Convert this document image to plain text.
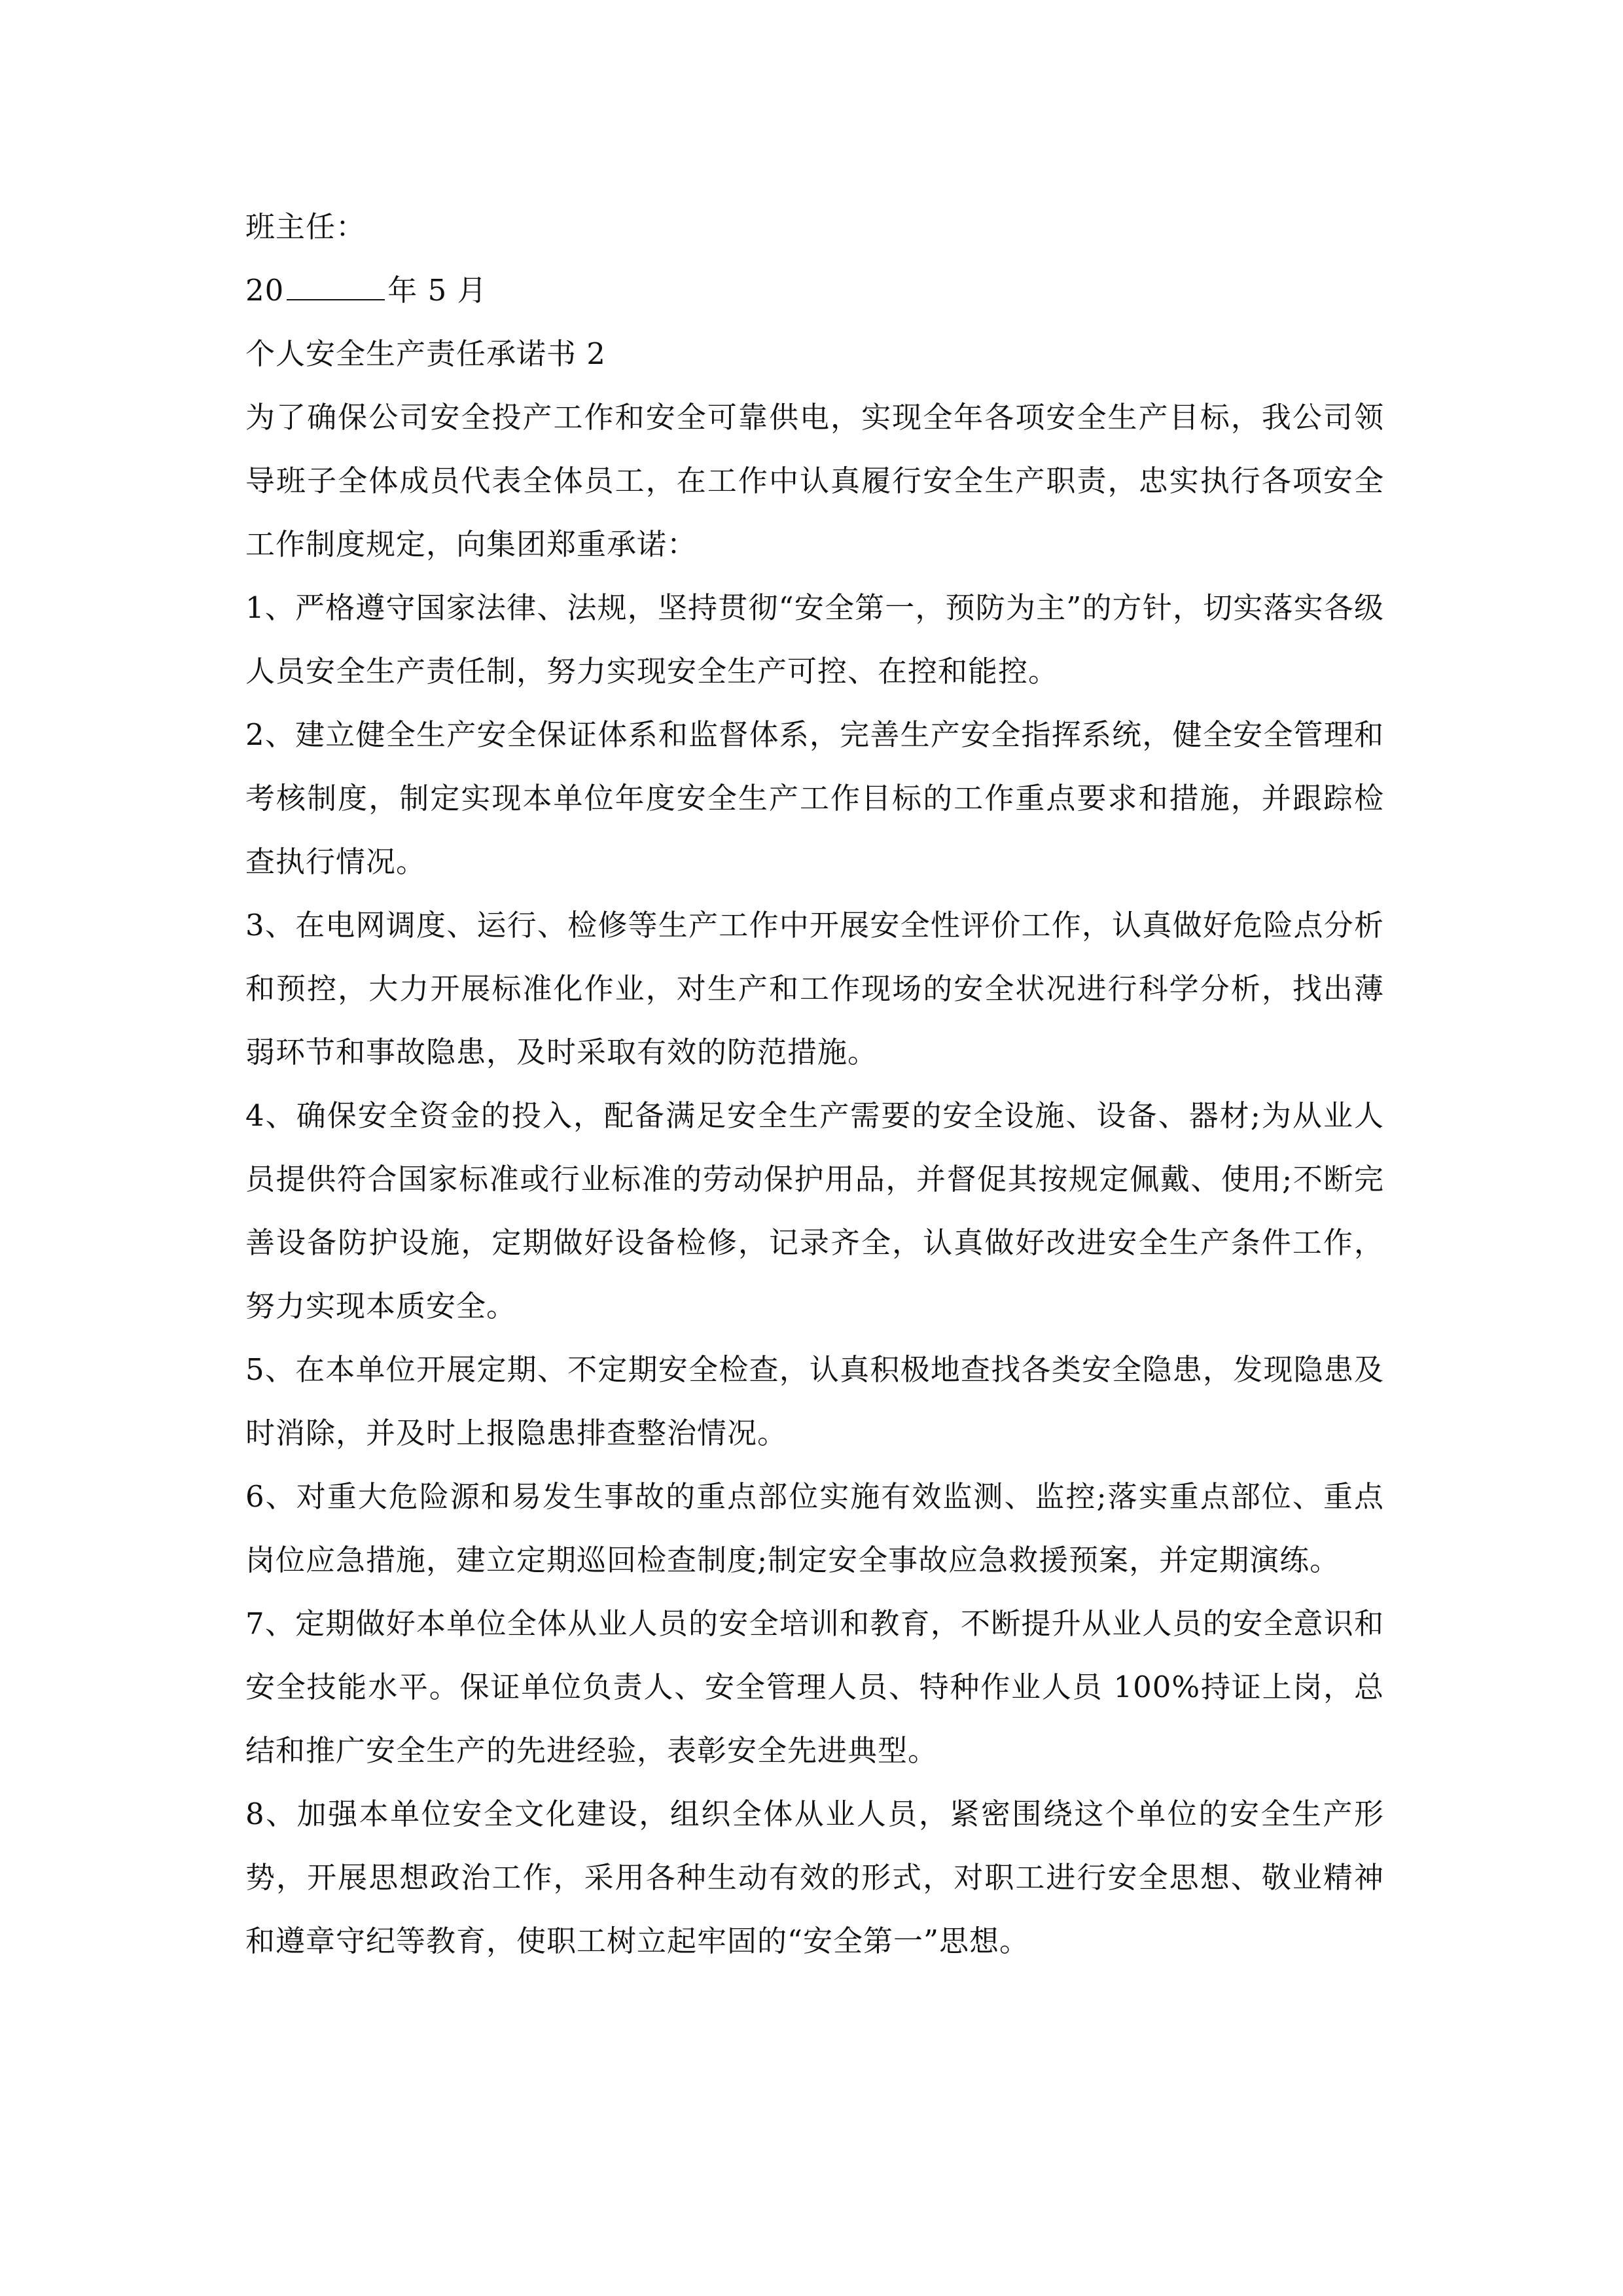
班主任：

20	年 5 月

个人安全生产责任承诺书 2

为了确保公司安全投产工作和安全可靠供电，实现全年各项安全生产目标，我公司领导班子全体成员代表全体员工，在工作中认真履行安全生产职责，忠实执行各项安全工作制度规定，向集团郑重承诺：

1、严格遵守国家法律、法规，坚持贯彻“安全第一，预防为主”的方针，切实落实各级人员安全生产责任制，努力实现安全生产可控、在控和能控。

2、建立健全生产安全保证体系和监督体系，完善生产安全指挥系统，健全安全管理和考核制度，制定实现本单位年度安全生产工作目标的工作重点要求和措施，并跟踪检查执行情况。

3、在电网调度、运行、检修等生产工作中开展安全性评价工作，认真做好危险点分析和预控，大力开展标准化作业，对生产和工作现场的安全状况进行科学分析，找出薄弱环节和事故隐患，及时采取有效的防范措施。

4、确保安全资金的投入，配备满足安全生产需要的安全设施、设备、器材;为从业人员提供符合国家标准或行业标准的劳动保护用品，并督促其按规定佩戴、使用;不断完善设备防护设施，定期做好设备检修，记录齐全，认真做好改进安全生产条件工作，努力实现本质安全。

5、在本单位开展定期、不定期安全检查，认真积极地查找各类安全隐患，发现隐患及时消除，并及时上报隐患排查整治情况。

6、对重大危险源和易发生事故的重点部位实施有效监测、监控;落实重点部位、重点岗位应急措施，建立定期巡回检查制度;制定安全事故应急救援预案，并定期演练。

7、定期做好本单位全体从业人员的安全培训和教育，不断提升从业人员的安全意识和安全技能水平。保证单位负责人、安全管理人员、特种作业人员 100%持证上岗，总结和推广安全生产的先进经验，表彰安全先进典型。

8、加强本单位安全文化建设，组织全体从业人员，紧密围绕这个单位的安全生产形势，开展思想政治工作，采用各种生动有效的形式，对职工进行安全思想、敬业精神和遵章守纪等教育，使职工树立起牢固的“安全第一”思想。
